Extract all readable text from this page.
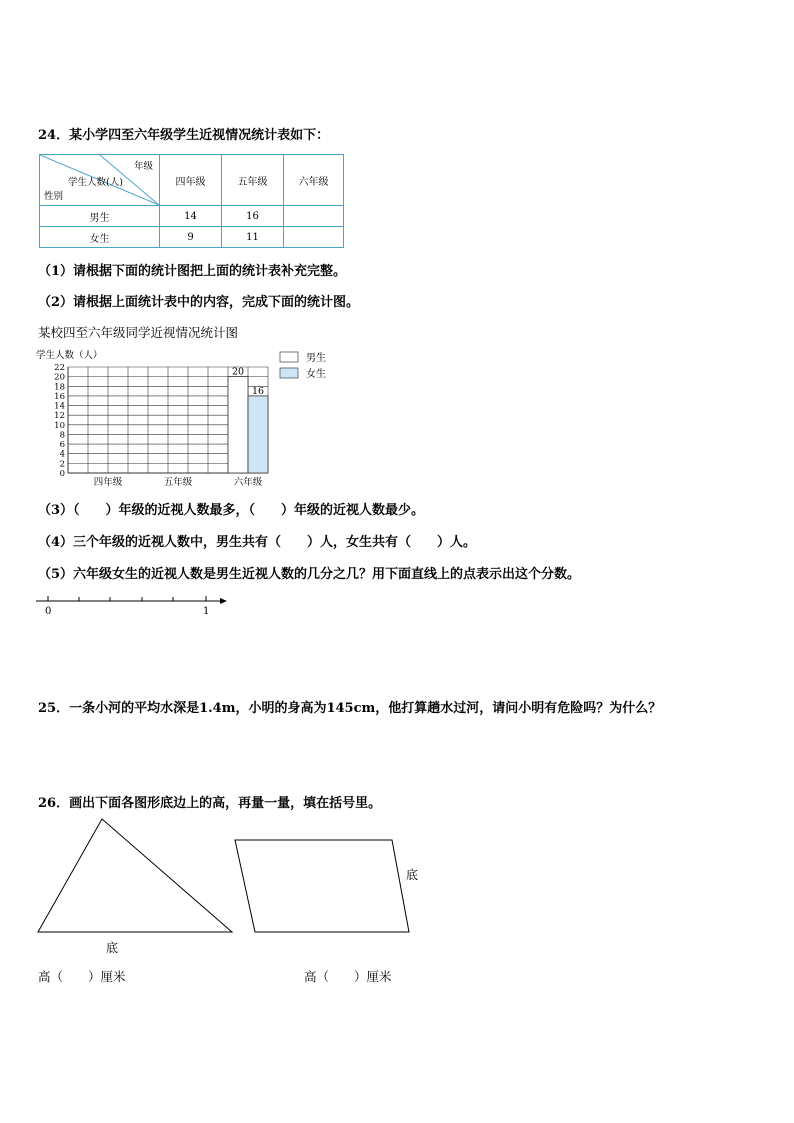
24．某小学四至六年级学生近视情况统计表如下：
年级
学生人数(人)
性别	四年级	五年级	六年级

男生	14	16	
女生	9	11	
（1）请根据下面的统计图把上面的统计表补充完整。
（2）请根据上面统计表中的内容，完成下面的统计图。
某校四至六年级同学近视情况统计图
学生人数（人）
20
16
0
2
4
6
8
10
12
14
16
18
20
22
四年级	五年级	六年级
男生
女生
（3）（　　）年级的近视人数最多，（　　）年级的近视人数最少。
（4）三个年级的近视人数中，男生共有（　　）人，女生共有（　　）人。
（5）六年级女生的近视人数是男生近视人数的几分之几？用下面直线上的点表示出这个分数。
0	1
25．一条小河的平均水深是1.4m，小明的身高为145cm，他打算趟水过河，请问小明有危险吗？为什么？
26．画出下面各图形底边上的高，再量一量，填在括号里。
底
底
高（　　）厘米	高（　　）厘米
